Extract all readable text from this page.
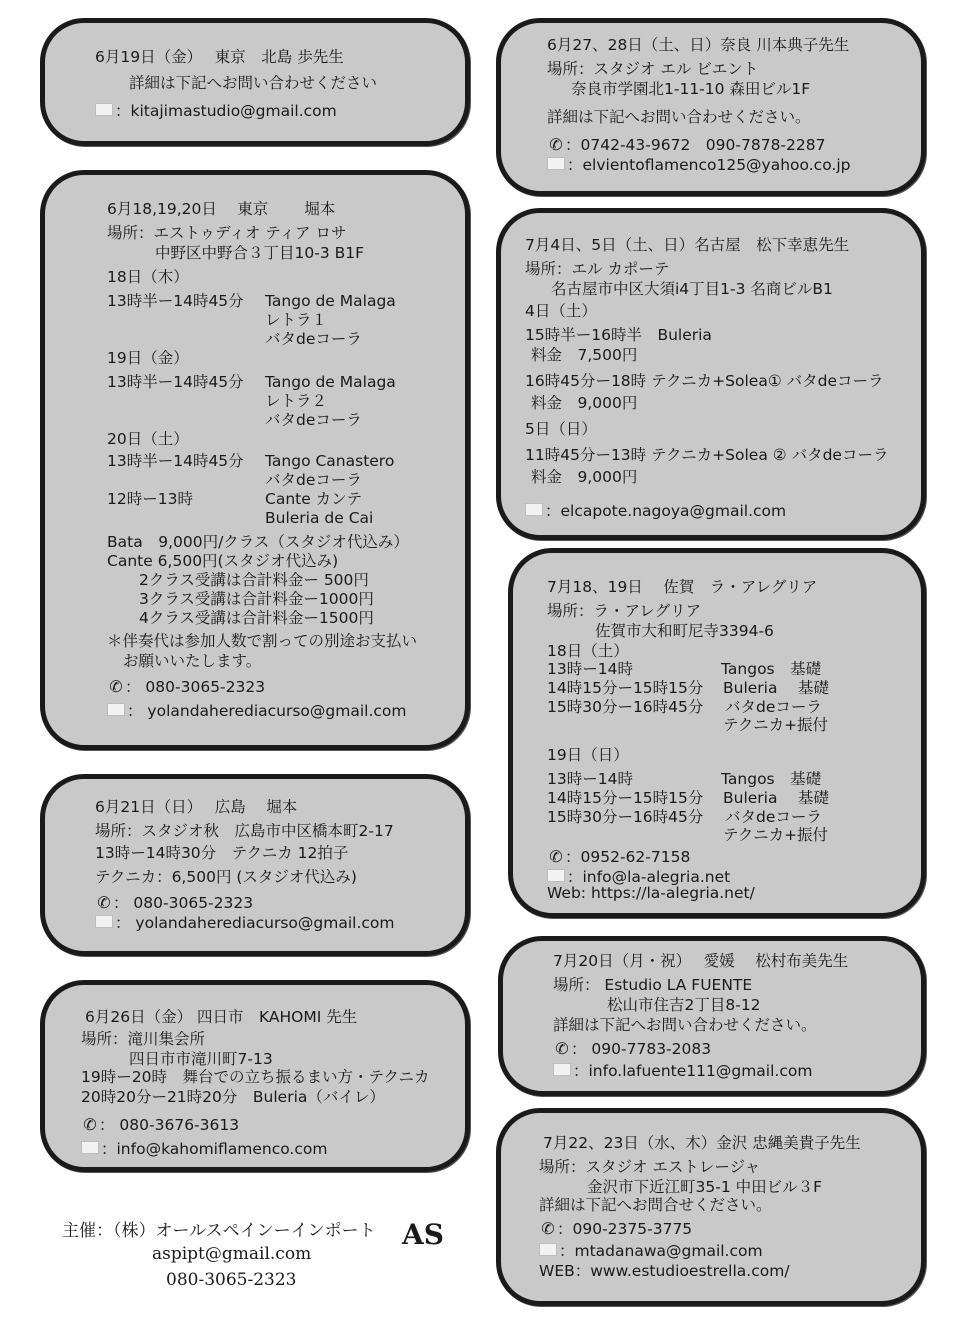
6月19日（金）　 東京　北島 歩先生
詳細は下記へお問い合わせください
：kitajimastudio@gmail.com
6月27、28日（土、日）奈良 川本典子先生
場所：スタジオ エル ビエント
奈良市学園北1-11-10 森田ビル1F
詳細は下記へお問い合わせください。
✆ ：0742-43-9672　090-7878-2287
：elvientoflamenco125@yahoo.co.jp
6月18,19,20日　 東京　　 堀本
場所：エストゥディオ ティア ロサ
中野区中野合３丁目10-3 B1F
18日（木）
13時半ー14時45分 Tango de Malaga
レトラ１
バタdeコーラ
19日（金）
13時半ー14時45分 Tango de Malaga
レトラ２
バタdeコーラ
20日（土）
13時半ー14時45分 Tango Canastero
バタdeコーラ
12時ー13時	Cante カンテ
Buleria de Cai
Bata　9,000円/クラス（スタジオ代込み）
Cante 6,500円(スタジオ代込み)
2クラス受講は合計料金ー 500円
3クラス受講は合計料金ー1000円
4クラス受講は合計料金ー1500円
＊伴奏代は参加人数で割っての別途お支払い
お願いいたします。
✆ ： 080-3065-2323
： yolandaherediacurso@gmail.com
7月4日、5日（土、日）名古屋　松下幸恵先生
場所：エル カポーテ
名古屋市中区大須i4丁目1-3 名商ビルB1
4日（土）
15時半ー16時半　Buleria
料金　7,500円
16時45分ー18時 テクニカ+Solea① バタdeコーラ
料金　9,000円
5日（日）
11時45分ー13時 テクニカ+Solea ② バタdeコーラ
料金　9,000円
：elcapote.nagoya@gmail.com
6月21日（日）　 広島　 堀本
場所：スタジオ秋　広島市中区橋本町2-17
13時ー14時30分　テクニカ 12拍子
テクニカ：6,500円 (スタジオ代込み)
✆ ： 080-3065-2323
： yolandaherediacurso@gmail.com
7月18、19日　 佐賀　ラ・アレグリア
場所：ラ・アレグリア
佐賀市大和町尼寺3394-6
18日（土）
13時ー14時	Tangos　基礎
14時15分ー15時15分 Buleria　 基礎
15時30分ー16時45分 バタdeコーラ
テクニカ+振付
19日（日）
13時ー14時	Tangos　基礎
14時15分ー15時15分 Buleria　 基礎
15時30分ー16時45分 バタdeコーラ
テクニカ+振付
✆ ：0952-62-7158
：info@la-alegria.net
Web: https://la-alegria.net/
6月26日（金） 四日市　KAHOMI 先生
場所：滝川集会所
四日市市滝川町7-13
19時ー20時　舞台での立ち振るまい方・テクニカ
20時20分ー21時20分　Buleria（バイレ）
✆ ： 080-3676-3613
：info@kahomiflamenco.com
7月20日（月・祝）　 愛媛　 松村布美先生
場所： Estudio LA FUENTE
松山市住吉2丁目8-12
詳細は下記へお問い合わせください。
✆ ： 090-7783-2083
：info.lafuente111@gmail.com
7月22、23日（水、木）金沢 忠縄美貴子先生
場所：スタジオ エストレージャ
金沢市下近江町35-1 中田ビル３F
詳細は下記へお問合せください。
✆ ：090-2375-3775
：mtadanawa@gmail.com
WEB：www.estudioestrella.com/
主催：（株）オールスペインーインポート
aspipt@gmail.com
080-3065-2323
AS
